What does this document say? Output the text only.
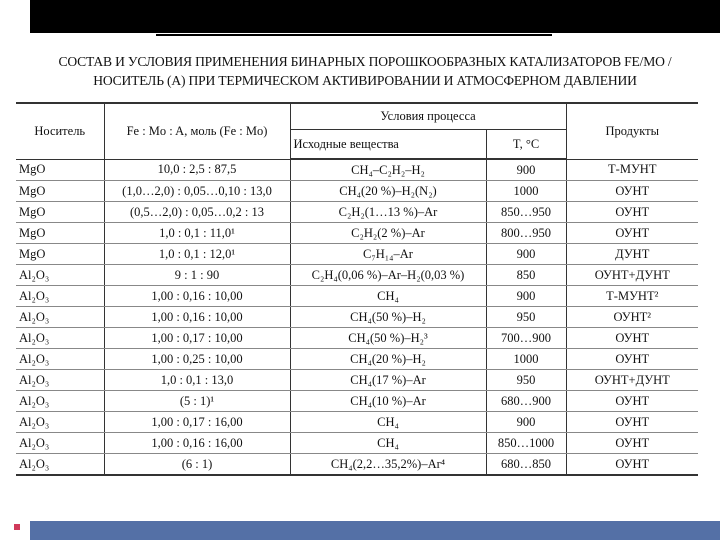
СОСТАВ И УСЛОВИЯ ПРИМЕНЕНИЯ БИНАРНЫХ ПОРОШКООБРАЗНЫХ КАТАЛИЗАТОРОВ FE/MO /
НОСИТЕЛЬ (А) ПРИ ТЕРМИЧЕСКОМ АКТИВИРОВАНИИ И АТМОСФЕРНОМ ДАВЛЕНИИ
Носитель	Fe : Mo : A, моль (Fe : Mo)	Условия процесса		Продукты
		Исходные вещества	T, °C	
MgO	10,0 : 2,5 : 87,5	CH₄–C₂H₂–H₂	900	Т-МУНТ
MgO	(1,0…2,0) : 0,05…0,10 : 13,0	CH₄(20 %)–H₂(N₂)	1000	ОУНТ
MgO	(0,5…2,0) : 0,05…0,2 : 13	C₂H₂(1…13 %)–Ar	850…950	ОУНТ
MgO	1,0 : 0,1 : 11,0¹	C₂H₂(2 %)–Ar	800…950	ОУНТ
MgO	1,0 : 0,1 : 12,0¹	C₇H₁₄–Ar	900	ДУНТ
Al₂O₃	9 : 1 : 90	C₂H₄(0,06 %)–Ar–H₂(0,03 %)	850	ОУНТ+ДУНТ
Al₂O₃	1,00 : 0,16 : 10,00	CH₄	900	Т-МУНТ²
Al₂O₃	1,00 : 0,16 : 10,00	CH₄(50 %)–H₂	950	ОУНТ²
Al₂O₃	1,00 : 0,17 : 10,00	CH₄(50 %)–H₂³	700…900	ОУНТ
Al₂O₃	1,00 : 0,25 : 10,00	CH₄(20 %)–H₂	1000	ОУНТ
Al₂O₃	1,0 : 0,1 : 13,0	CH₄(17 %)–Ar	950	ОУНТ+ДУНТ
Al₂O₃	(5 : 1)¹	CH₄(10 %)–Ar	680…900	ОУНТ
Al₂O₃	1,00 : 0,17 : 16,00	CH₄	900	ОУНТ
Al₂O₃	1,00 : 0,16 : 16,00	CH₄	850…1000	ОУНТ
Al₂O₃	(6 : 1)	CH₄(2,2…35,2%)–Ar⁴	680…850	ОУНТ
